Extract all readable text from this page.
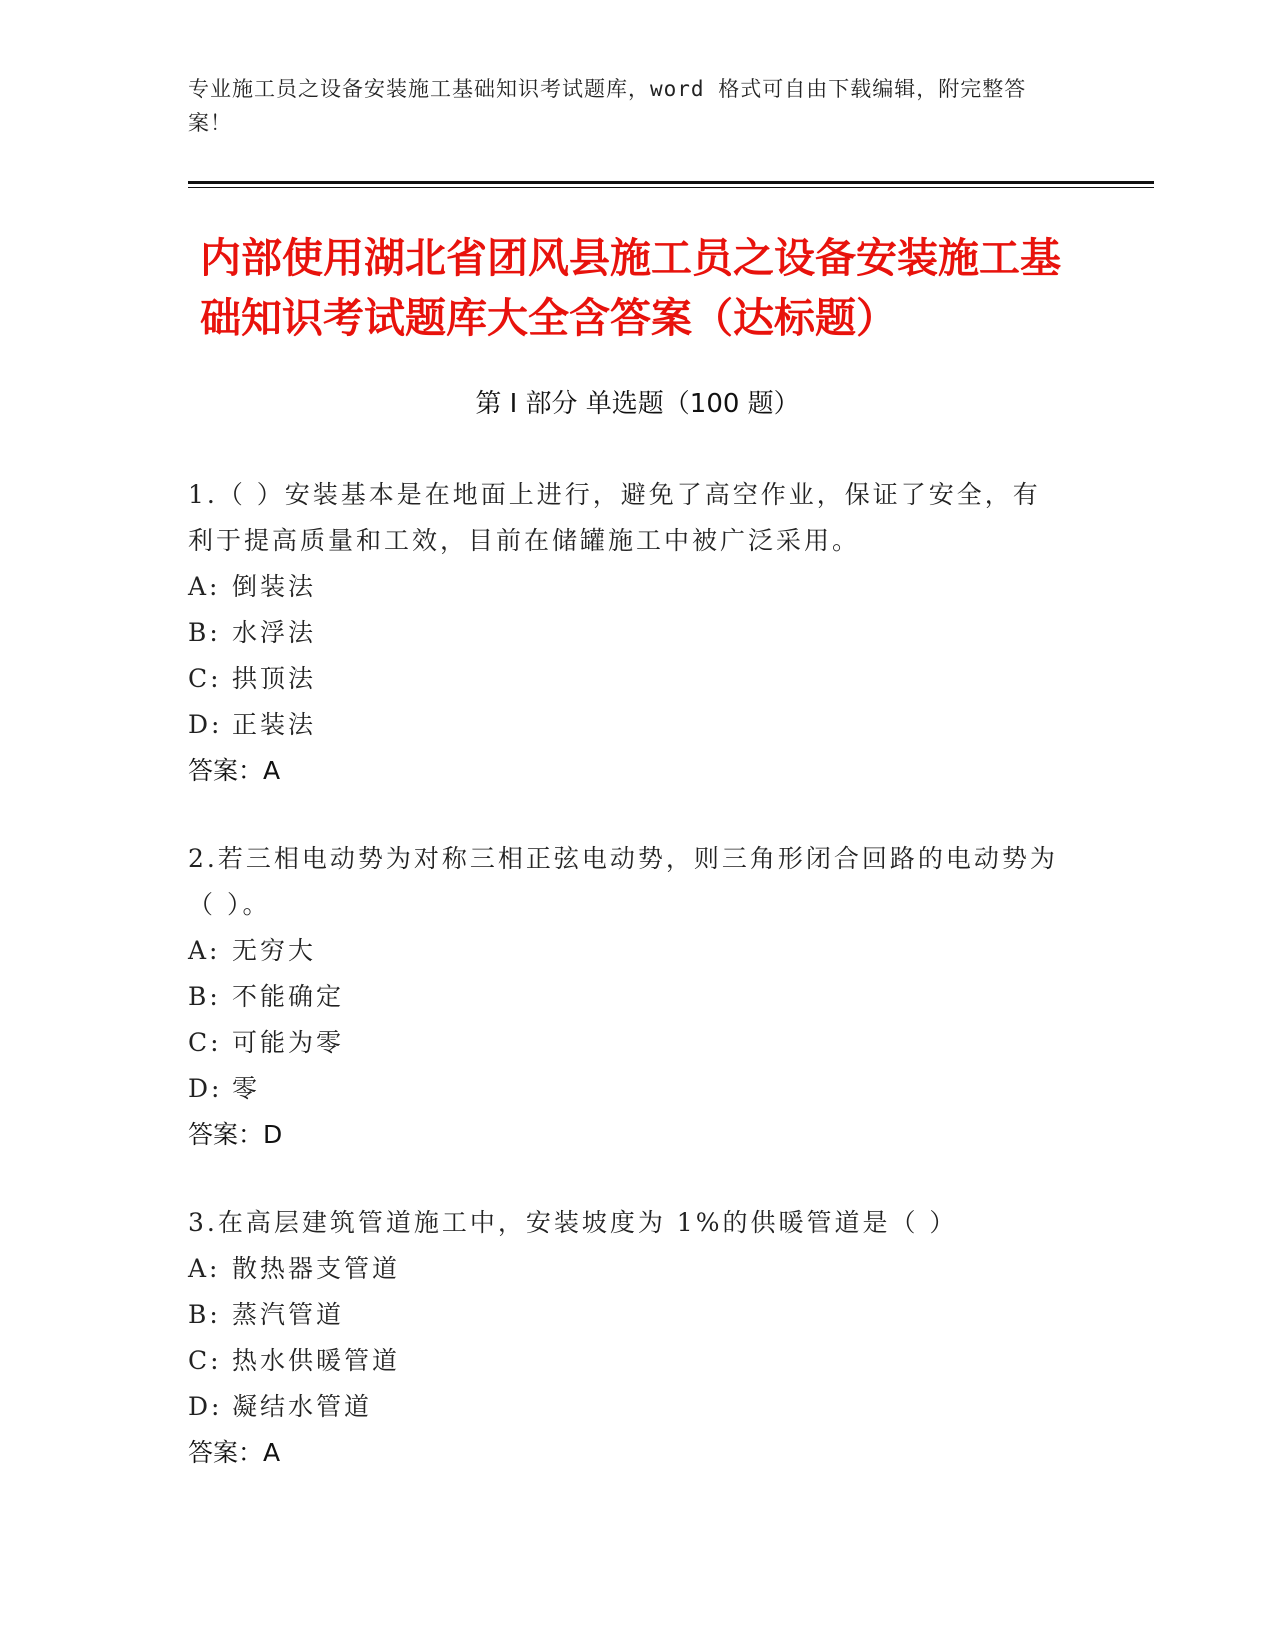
专业施工员之设备安装施工基础知识考试题库，word 格式可自由下载编辑，附完整答案！
内部使用湖北省团风县施工员之设备安装施工基础知识考试题库大全含答案（达标题）
第 I 部分 单选题（100 题）
1.（ ）安装基本是在地面上进行，避免了高空作业，保证了安全，有利于提高质量和工效，目前在储罐施工中被广泛采用。
A: 倒装法
B: 水浮法
C: 拱顶法
D: 正装法
答案：A
2.若三相电动势为对称三相正弦电动势，则三角形闭合回路的电动势为（ ）。
A: 无穷大
B: 不能确定
C: 可能为零
D: 零
答案：D
3.在高层建筑管道施工中，安装坡度为 1%的供暖管道是（ ）
A: 散热器支管道
B: 蒸汽管道
C: 热水供暖管道
D: 凝结水管道
答案：A
